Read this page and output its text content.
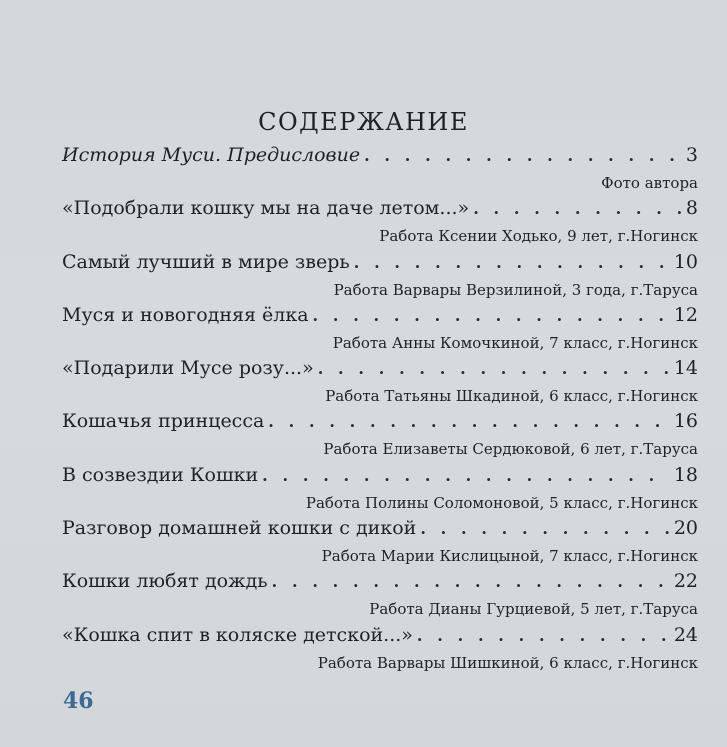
СОДЕРЖАНИЕ
История Муси. Предисловие . . .	3
Фото автора
«Подобрали кошку мы на даче летом...» . . .	8
Работа Ксении Ходько, 9 лет, г.Ногинск
Самый лучший в мире зверь . . .	10
Работа Варвары Верзилиной, 3 года, г.Таруса
Муся и новогодняя ёлка . . .	12
Работа Анны Комочкиной, 7 класс, г.Ногинск
«Подарили Мусе розу...» . . .	14
Работа Татьяны Шкадиной, 6 класс, г.Ногинск
Кошачья принцесса . . .	16
Работа Елизаветы Сердюковой, 6 лет, г.Таруса
В созвездии Кошки . . .	18
Работа Полины Соломоновой, 5 класс, г.Ногинск
Разговор домашней кошки с дикой . . .	20
Работа Марии Кислицыной, 7 класс, г.Ногинск
Кошки любят дождь . . .	22
Работа Дианы Гурциевой, 5 лет, г.Таруса
«Кошка спит в коляске детской...» . . .	24
Работа Варвары Шишкиной, 6 класс, г.Ногинск
46
